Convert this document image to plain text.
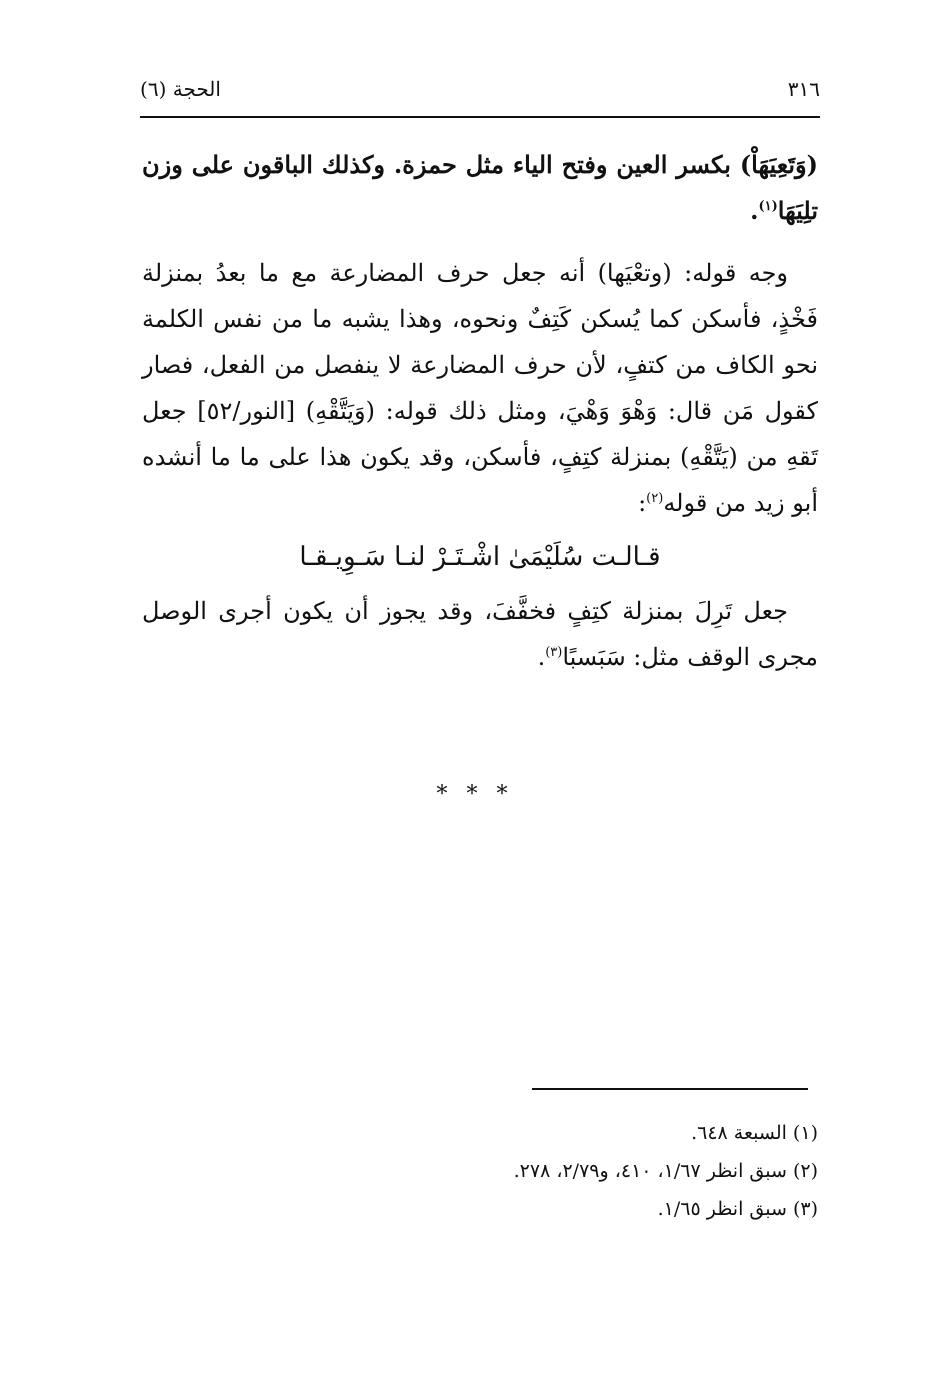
٣١٦
الحجة (٦)

(وَتَعِيَهَاْ) بكسر العين وفتح الياء مثل حمزة. وكذلك الباقون على وزن تلِيَهَا$^{(١)}$.

وجه قوله: (وتعْيَها) أنه جعل حرف المضارعة مع ما بعدُ بمنزلة فَخْذٍ، فأسكن كما يُسكن كَتِفٌ ونحوه، وهذا يشبه ما من نفس الكلمة نحو الكاف من كتفٍ، لأن حرف المضارعة لا ينفصل من الفعل، فصار كقول مَن قال: وَهْوَ وَهْيَ، ومثل ذلك قوله: (وَيَتَّقْهِ) [النور/٥٢] جعل تَقهِ من (يَتَّقْهِ) بمنزلة كتِفٍ، فأسكن، وقد يكون هذا على ما ما أنشده أبو زيد من قوله$^{(٢)}$:

قـالـت سُلَيْمَىٰ اشْـتَـرْ لنـا سَـوِيـقـا

جعل تَرِلَ بمنزلة كتِفٍ فخفَّفَ، وقد يجوز أن يكون أجرى الوصل مجرى الوقف مثل: سَبَسبًا$^{(٣)}$.

* * *
(١) السبعة ٦٤٨.
(٢) سبق انظر ١/٦٧، ٤١٠، و٢/٧٩، ٢٧٨.
(٣) سبق انظر ١/٦٥.
